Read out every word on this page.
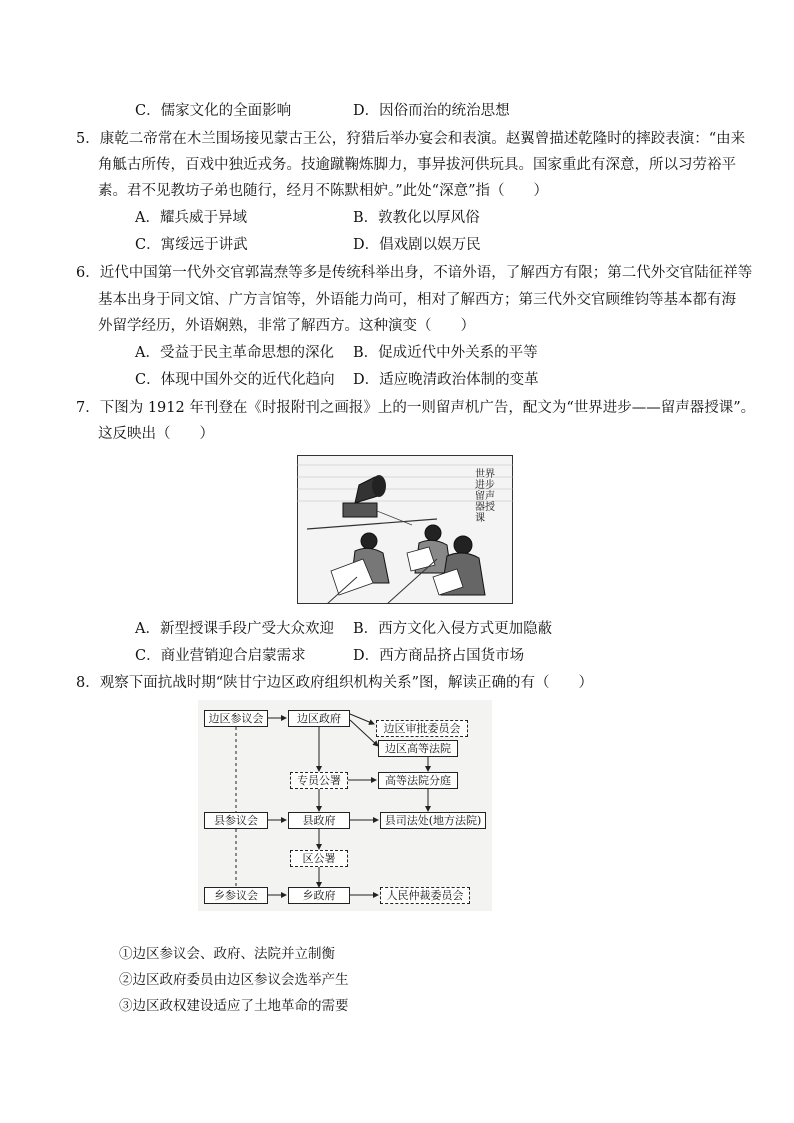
C．儒家文化的全面影响	D．因俗而治的统治思想
5．康乾二帝常在木兰围场接见蒙古王公，狩猎后举办宴会和表演。赵翼曾描述乾隆时的摔跤表演：“由来
角觝古所传，百戏中独近戎务。技逾蹴鞠炼脚力，事异拔河供玩具。国家重此有深意，所以习劳裕平
素。君不见教坊子弟也随行，经月不陈默相妒。”此处“深意”指（　　）
A．耀兵威于异域	B．敦教化以厚风俗
C．寓绥远于讲武	D．倡戏剧以娱万民
6．近代中国第一代外交官郭嵩焘等多是传统科举出身，不谙外语，了解西方有限；第二代外交官陆征祥等
基本出身于同文馆、广方言馆等，外语能力尚可，相对了解西方；第三代外交官顾维钧等基本都有海
外留学经历，外语娴熟，非常了解西方。这种演变（　　）
A．受益于民主革命思想的深化 B．促成近代中外关系的平等
C．体现中国外交的近代化趋向 D．适应晚清政治体制的变革
7．下图为 1912 年刊登在《时报附刊之画报》上的一则留声机广告，配文为“世界进步——留声器授课”。
这反映出（　　）
世界进步 留声器授课
A．新型授课手段广受大众欢迎 B．西方文化入侵方式更加隐蔽
C．商业营销迎合启蒙需求	D．西方商品挤占国货市场
8．观察下面抗战时期“陕甘宁边区政府组织机构关系”图，解读正确的有（　　）
边区参议会	边区政府
边区审批委员会
边区高等法院
专员公署	高等法院分庭
县参议会	县政府	县司法处(地方法院)
区公署
乡参议会	乡政府	人民仲裁委员会
①边区参议会、政府、法院并立制衡
②边区政府委员由边区参议会选举产生
③边区政权建设适应了土地革命的需要
